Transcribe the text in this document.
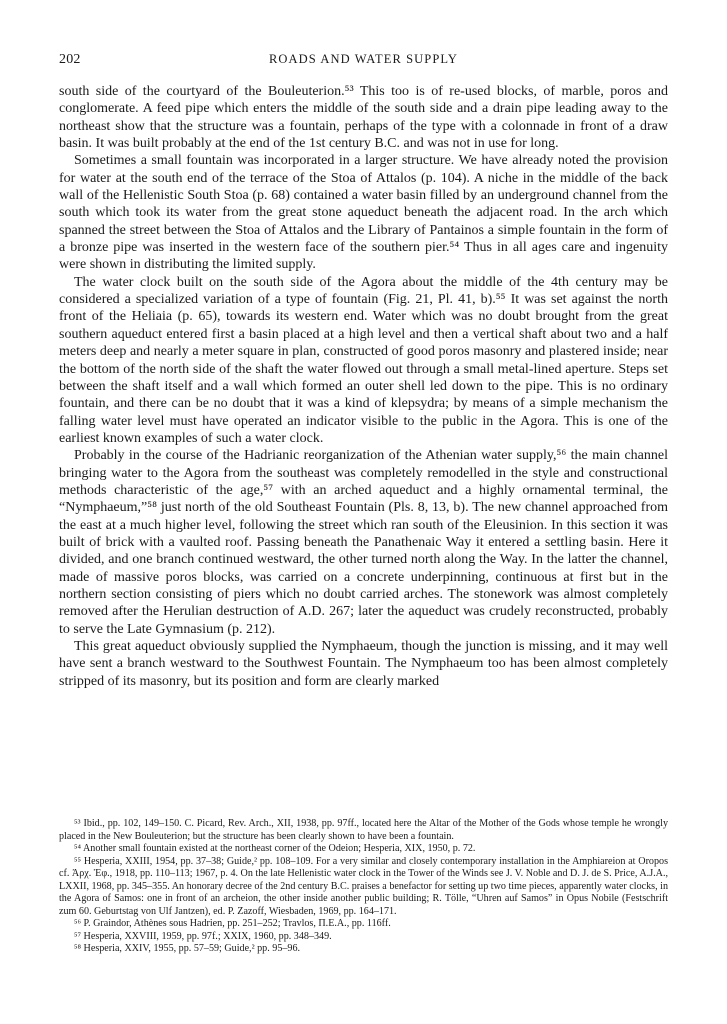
202	ROADS AND WATER SUPPLY

south side of the courtyard of the Bouleuterion.⁵³ This too is of re-used blocks, of marble, poros and conglomerate. A feed pipe which enters the middle of the south side and a drain pipe leading away to the northeast show that the structure was a fountain, perhaps of the type with a colonnade in front of a draw basin. It was built probably at the end of the 1st century B.C. and was not in use for long.

Sometimes a small fountain was incorporated in a larger structure. We have already noted the provision for water at the south end of the terrace of the Stoa of Attalos (p. 104). A niche in the middle of the back wall of the Hellenistic South Stoa (p. 68) contained a water basin filled by an underground channel from the south which took its water from the great stone aqueduct beneath the adjacent road. In the arch which spanned the street between the Stoa of Attalos and the Library of Pantainos a simple fountain in the form of a bronze pipe was inserted in the western face of the southern pier.⁵⁴ Thus in all ages care and ingenuity were shown in distributing the limited supply.

The water clock built on the south side of the Agora about the middle of the 4th century may be considered a specialized variation of a type of fountain (Fig. 21, Pl. 41, b).⁵⁵ It was set against the north front of the Heliaia (p. 65), towards its western end. Water which was no doubt brought from the great southern aqueduct entered first a basin placed at a high level and then a vertical shaft about two and a half meters deep and nearly a meter square in plan, constructed of good poros masonry and plastered inside; near the bottom of the north side of the shaft the water flowed out through a small metal-lined aperture. Steps set between the shaft itself and a wall which formed an outer shell led down to the pipe. This is no ordinary fountain, and there can be no doubt that it was a kind of klepsydra; by means of a simple mechanism the falling water level must have operated an indicator visible to the public in the Agora. This is one of the earliest known examples of such a water clock.

Probably in the course of the Hadrianic reorganization of the Athenian water supply,⁵⁶ the main channel bringing water to the Agora from the southeast was completely remodelled in the style and constructional methods characteristic of the age,⁵⁷ with an arched aqueduct and a highly ornamental terminal, the “Nymphaeum,”⁵⁸ just north of the old Southeast Fountain (Pls. 8, 13, b). The new channel approached from the east at a much higher level, following the street which ran south of the Eleusinion. In this section it was built of brick with a vaulted roof. Passing beneath the Panathenaic Way it entered a settling basin. Here it divided, and one branch continued westward, the other turned north along the Way. In the latter the channel, made of massive poros blocks, was carried on a concrete underpinning, continuous at first but in the northern section consisting of piers which no doubt carried arches. The stonework was almost completely removed after the Herulian destruction of A.D. 267; later the aqueduct was crudely reconstructed, probably to serve the Late Gymnasium (p. 212).

This great aqueduct obviously supplied the Nymphaeum, though the junction is missing, and it may well have sent a branch westward to the Southwest Fountain. The Nymphaeum too has been almost completely stripped of its masonry, but its position and form are clearly marked

⁵³ Ibid., pp. 102, 149–150. C. Picard, Rev. Arch., XII, 1938, pp. 97ff., located here the Altar of the Mother of the Gods whose temple he wrongly placed in the New Bouleuterion; but the structure has been clearly shown to have been a fountain.

⁵⁴ Another small fountain existed at the northeast corner of the Odeion; Hesperia, XIX, 1950, p. 72.

⁵⁵ Hesperia, XXIII, 1954, pp. 37–38; Guide,² pp. 108–109. For a very similar and closely contemporary installation in the Amphiareion at Oropos cf. Ἀρχ. Ἐφ., 1918, pp. 110–113; 1967, p. 4. On the late Hellenistic water clock in the Tower of the Winds see J. V. Noble and D. J. de S. Price, A.J.A., LXXII, 1968, pp. 345–355. An honorary decree of the 2nd century B.C. praises a benefactor for setting up two time pieces, apparently water clocks, in the Agora of Samos: one in front of an archeion, the other inside another public building; R. Tölle, “Uhren auf Samos” in Opus Nobile (Festschrift zum 60. Geburtstag von Ulf Jantzen), ed. P. Zazoff, Wiesbaden, 1969, pp. 164–171.

⁵⁶ P. Graindor, Athènes sous Hadrien, pp. 251–252; Travlos, Π.Ε.Α., pp. 116ff.

⁵⁷ Hesperia, XXVIII, 1959, pp. 97f.; XXIX, 1960, pp. 348–349.

⁵⁸ Hesperia, XXIV, 1955, pp. 57–59; Guide,² pp. 95–96.
